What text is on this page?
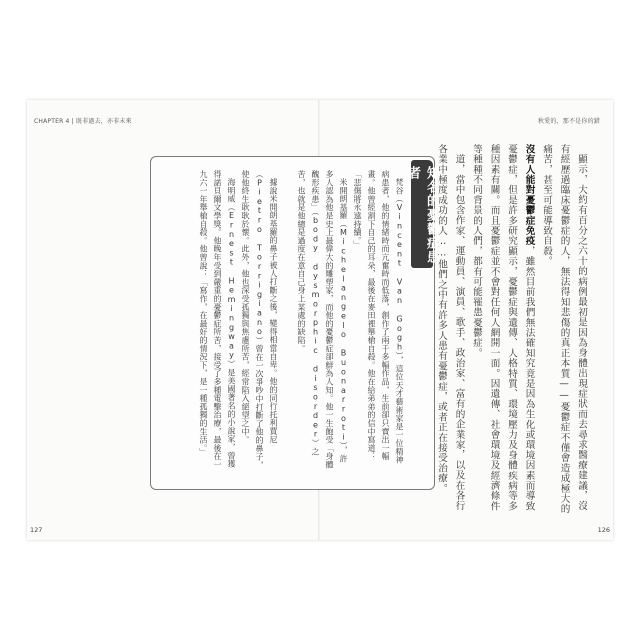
CHAPTER 4 | 既非過去，亦非未來	秋愛的，那不是你的錯

顯示，大約有百分之六十的病例最初是因為身體出現症狀而去尋求醫療建議，沒有經歷過臨床憂鬱症的人，無法得知悲傷的真正本質——憂鬱症不僅會造成極大的痛苦，甚至可能導致自殺。

沒有人能對憂鬱症免疫，雖然目前我們無法確知究竟是因為生化或環境因素而導致憂鬱症，但是許多研究顯示，憂鬱症與遺傳、人格特質、環境壓力及身體疾病等多種因素有關。而且憂鬱症並不會對任何人網開一面。因遺傳、社會環境及經濟條件等種種不同背景的人們，都有可能罹患憂鬱症。

道，當中包含作家、運動員、演員、歌手、政治家、富有的企業家，以及在各行各業中極度成功的人……他們之中有許多人患有憂鬱症，或者正在接受治療。

知名的憂鬱症患者

梵谷（Vincent Van Gogh），這位天才藝術家是一位精神病患者，他的情緒時而亢奮時而低落，創作了兩千多幅作品，生前卻只賣出一幅畫。他曾經割下自己的耳朵，最後在麥田裡舉槍自殺。他在給弟弟的信中寫道：「悲傷將永遠持續。」

米開朗基羅（Michelangelo Buonarroti），許多人認為他是史上最偉大的雕塑家，而他的憂鬱症卻鮮為人知。他一生飽受「身體醜形疾患」（body dysmorphic disorder）之苦，也就是他總是過度在意自己身上某處的缺陷。

據說米開朗基羅的鼻子被人打斷之後，變得相當自卑。他的同行托利賈尼（Pietro Torrigiano）曾在一次爭吵中打斷了他的鼻子，使他終生耿耿於懷。此外，他也深受孤獨與焦慮所苦，經常陷入絕望之中。

海明威（Ernest Hemingway）是美國著名的小說家，曾獲得諾貝爾文學獎。他晚年受到嚴重的憂鬱症所苦，接受了多種電擊治療，最後在一九六一年舉槍自殺。他曾說：「寫作，在最好的情況下，是一種孤獨的生活。」

127	126
